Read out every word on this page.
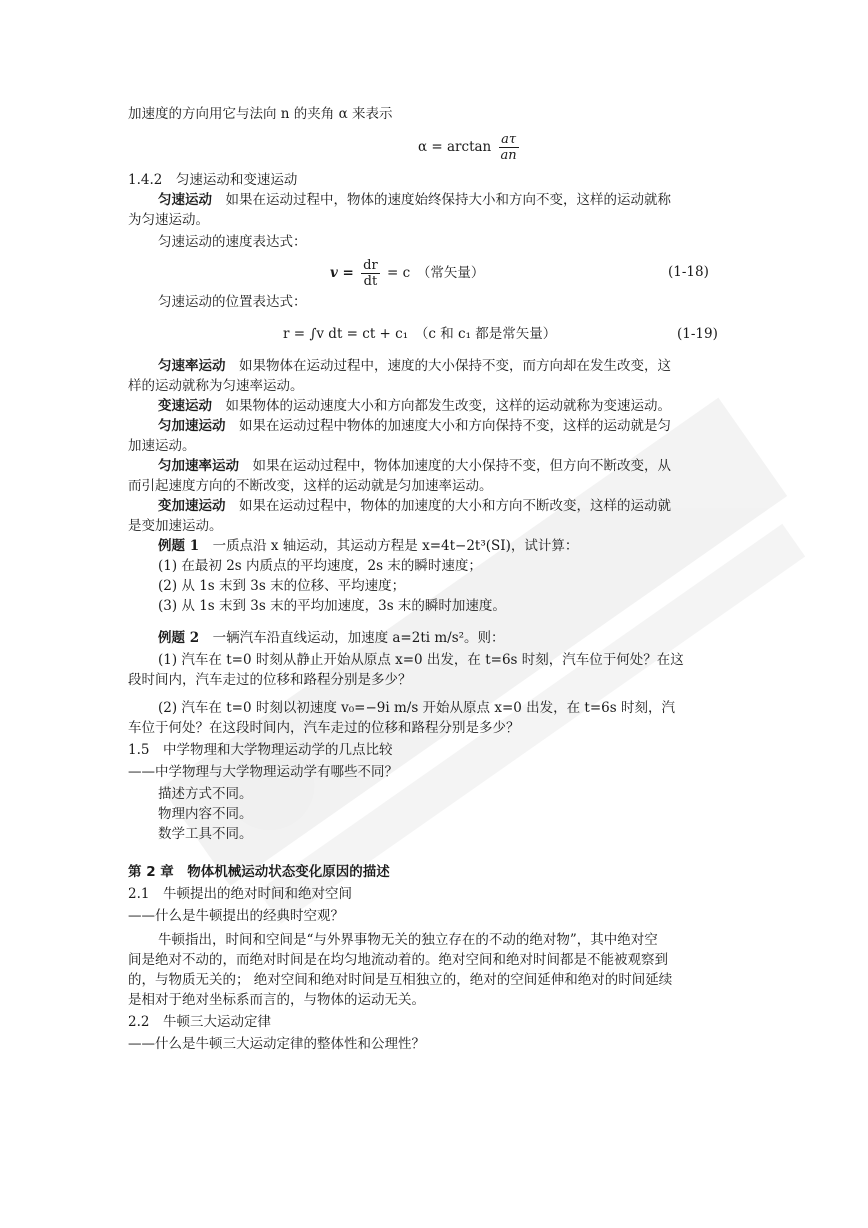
加速度的方向用它与法向 n 的夹角 α 来表示
$\alpha = \arctan \frac{a\tau}{an}$
1.4.2　匀速运动和变速运动
匀速运动　如果在运动过程中，物体的速度始终保持大小和方向不变，这样的运动就称
为匀速运动。
匀速运动的速度表达式：
$v = \frac{dr}{dt} = c$　（常矢量）	(1-18)
匀速运动的位置表达式：
r = ∫v dt = ct + c₁　（c 和 c₁ 都是常矢量）	(1-19)
匀速率运动　如果物体在运动过程中，速度的大小保持不变，而方向却在发生改变，这
样的运动就称为匀速率运动。
变速运动　如果物体的运动速度大小和方向都发生改变，这样的运动就称为变速运动。
匀加速运动　如果在运动过程中物体的加速度大小和方向保持不变，这样的运动就是匀
加速运动。
匀加速率运动　如果在运动过程中，物体加速度的大小保持不变，但方向不断改变，从
而引起速度方向的不断改变，这样的运动就是匀加速率运动。
变加速运动　如果在运动过程中，物体的加速度的大小和方向不断改变，这样的运动就
是变加速运动。
例题 1　一质点沿 x 轴运动，其运动方程是 x=4t−2t³(SI)，试计算：
(1) 在最初 2s 内质点的平均速度，2s 末的瞬时速度；
(2) 从 1s 末到 3s 末的位移、平均速度；
(3) 从 1s 末到 3s 末的平均加速度，3s 末的瞬时加速度。
例题 2　一辆汽车沿直线运动，加速度 a=2ti m/s²。则：
(1) 汽车在 t=0 时刻从静止开始从原点 x=0 出发，在 t=6s 时刻，汽车位于何处？在这
段时间内，汽车走过的位移和路程分别是多少？
(2) 汽车在 t=0 时刻以初速度 v₀=−9i m/s 开始从原点 x=0 出发，在 t=6s 时刻，汽
车位于何处？在这段时间内，汽车走过的位移和路程分别是多少？
1.5　中学物理和大学物理运动学的几点比较
——中学物理与大学物理运动学有哪些不同？
描述方式不同。
物理内容不同。
数学工具不同。
第 2 章　物体机械运动状态变化原因的描述
2.1　牛顿提出的绝对时间和绝对空间
——什么是牛顿提出的经典时空观？
牛顿指出，时间和空间是“与外界事物无关的独立存在的不动的绝对物”，其中绝对空
间是绝对不动的，而绝对时间是在均匀地流动着的。绝对空间和绝对时间都是不能被观察到
的，与物质无关的； 绝对空间和绝对时间是互相独立的，绝对的空间延伸和绝对的时间延续
是相对于绝对坐标系而言的，与物体的运动无关。
2.2　牛顿三大运动定律
——什么是牛顿三大运动定律的整体性和公理性？
